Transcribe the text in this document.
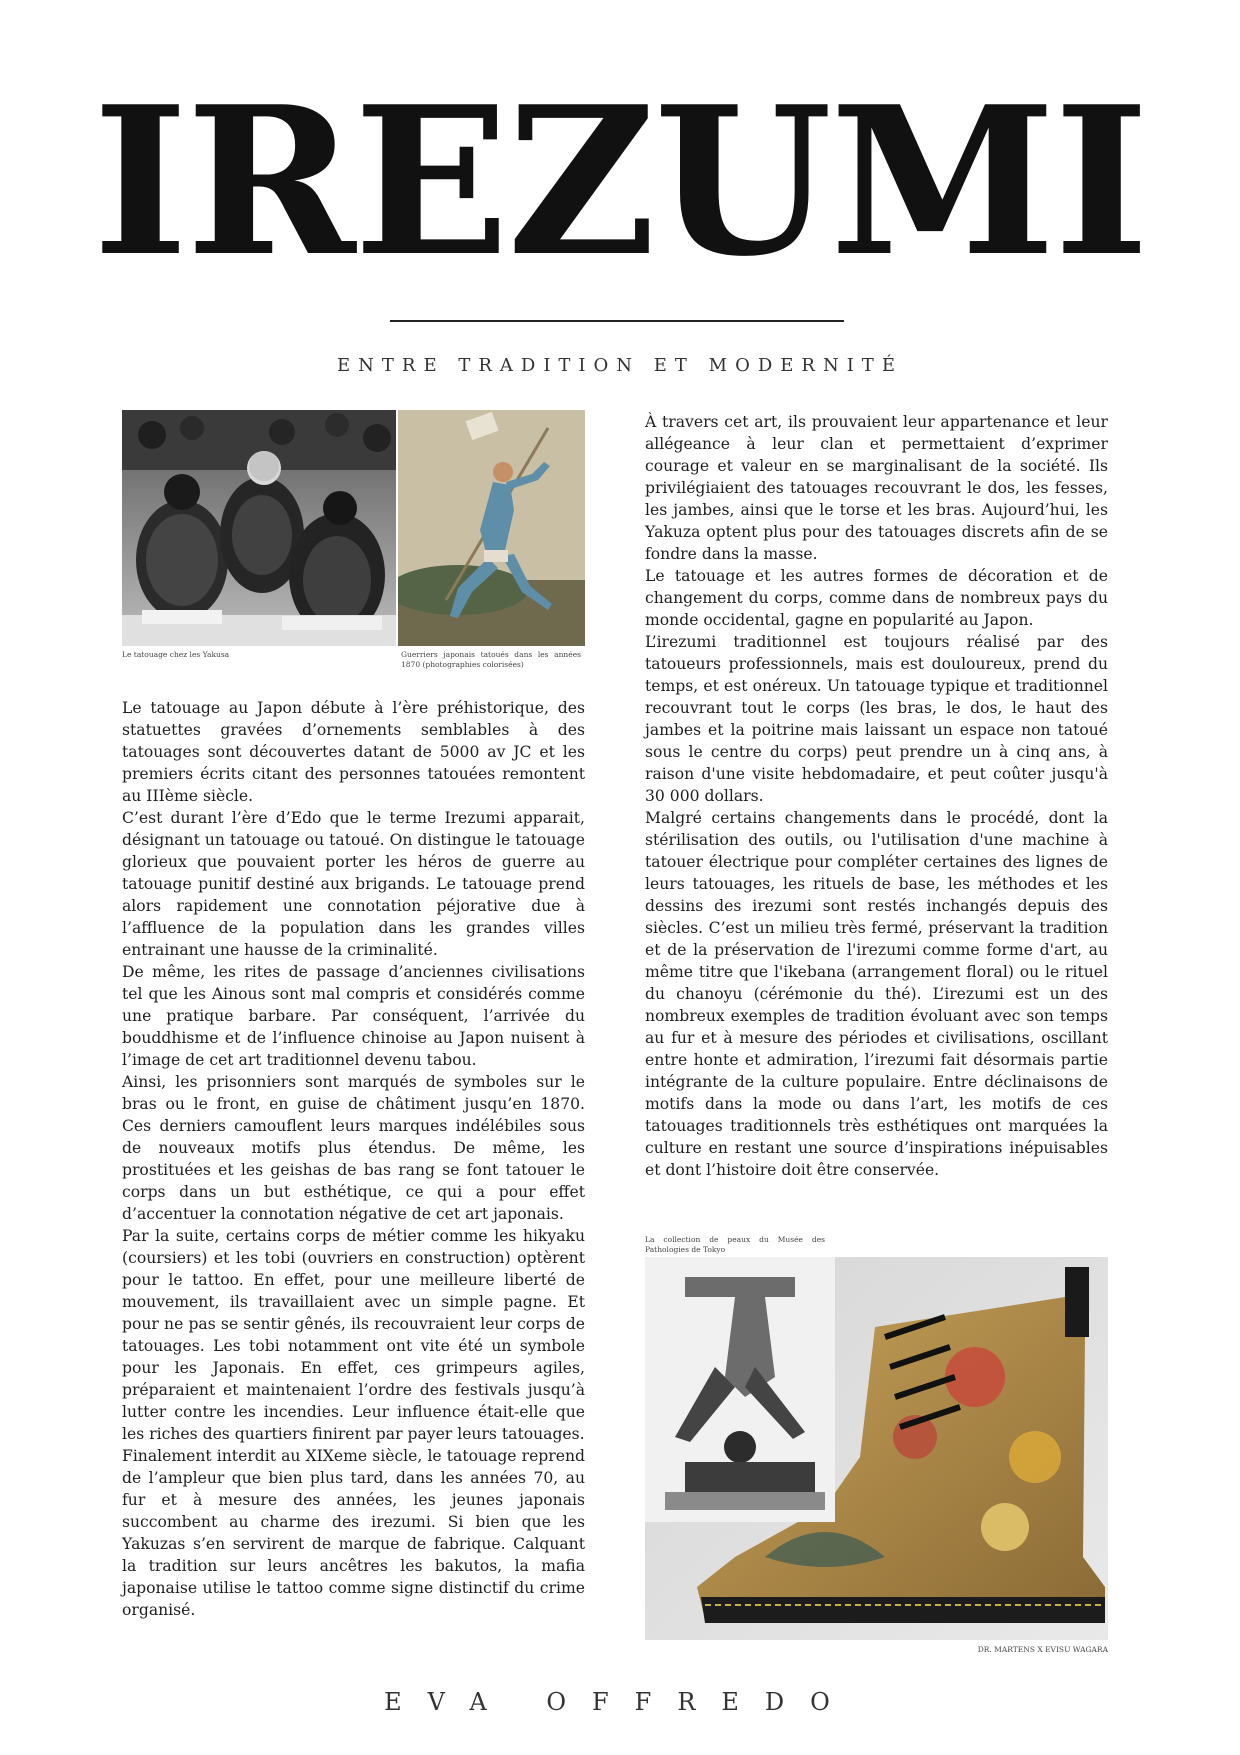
IREZUMI

ENTRE TRADITION ET MODERNITÉ

Le tatouage chez les Yakusa	Guerriers japonais tatoués dans les années 1870 (photographies colorisées)

Le tatouage au Japon débute à l’ère préhistorique, des statuettes gravées d’ornements semblables à des tatouages sont découvertes datant de 5000 av JC et les premiers écrits citant des personnes tatouées remontent au IIIème siècle.

C’est durant l’ère d’Edo que le terme Irezumi apparait, désignant un tatouage ou tatoué. On distingue le tatouage glorieux que pouvaient porter les héros de guerre au tatouage punitif destiné aux brigands. Le tatouage prend alors rapidement une connotation péjorative due à l’affluence de la population dans les grandes villes entrainant une hausse de la criminalité.

De même, les rites de passage d’anciennes civilisations tel que les Ainous sont mal compris et considérés comme une pratique barbare. Par conséquent, l’arrivée du bouddhisme et de l’influence chinoise au Japon nuisent à l’image de cet art traditionnel devenu tabou.

Ainsi, les prisonniers sont marqués de symboles sur le bras ou le front, en guise de châtiment jusqu’en 1870. Ces derniers camouflent leurs marques indélébiles sous de nouveaux motifs plus étendus. De même, les prostituées et les geishas de bas rang se font tatouer le corps dans un but esthétique, ce qui a pour effet d’accentuer la connotation négative de cet art japonais.

Par la suite, certains corps de métier comme les hikyaku (coursiers) et les tobi (ouvriers en construction) optèrent pour le tattoo. En effet, pour une meilleure liberté de mouvement, ils travaillaient avec un simple pagne. Et pour ne pas se sentir gênés, ils recouvraient leur corps de tatouages. Les tobi notamment ont vite été un symbole pour les Japonais. En effet, ces grimpeurs agiles, préparaient et maintenaient l’ordre des festivals jusqu’à lutter contre les incendies. Leur influence était-elle que les riches des quartiers finirent par payer leurs tatouages.

Finalement interdit au XIXeme siècle, le tatouage reprend de l’ampleur que bien plus tard, dans les années 70, au fur et à mesure des années, les jeunes japonais succombent au charme des irezumi. Si bien que les Yakuzas s’en servirent de marque de fabrique. Calquant la tradition sur leurs ancêtres les bakutos, la mafia japonaise utilise le tattoo comme signe distinctif du crime organisé.

À travers cet art, ils prouvaient leur appartenance et leur allégeance à leur clan et permettaient d’exprimer courage et valeur en se marginalisant de la société. Ils privilégiaient des tatouages recouvrant le dos, les fesses, les jambes, ainsi que le torse et les bras. Aujourd’hui, les Yakuza optent plus pour des tatouages discrets afin de se fondre dans la masse.

Le tatouage et les autres formes de décoration et de changement du corps, comme dans de nombreux pays du monde occidental, gagne en popularité au Japon.

L’irezumi traditionnel est toujours réalisé par des tatoueurs professionnels, mais est douloureux, prend du temps, et est onéreux. Un tatouage typique et traditionnel recouvrant tout le corps (les bras, le dos, le haut des jambes et la poitrine mais laissant un espace non tatoué sous le centre du corps) peut prendre un à cinq ans, à raison d'une visite hebdomadaire, et peut coûter jusqu'à 30 000 dollars.

Malgré certains changements dans le procédé, dont la stérilisation des outils, ou l'utilisation d'une machine à tatouer électrique pour compléter certaines des lignes de leurs tatouages, les rituels de base, les méthodes et les dessins des irezumi sont restés inchangés depuis des siècles. C’est un milieu très fermé, préservant la tradition et de la préservation de l'irezumi comme forme d'art, au même titre que l'ikebana (arrangement floral) ou le rituel du chanoyu (cérémonie du thé). L’irezumi est un des nombreux exemples de tradition évoluant avec son temps au fur et à mesure des périodes et civilisations, oscillant entre honte et admiration, l’irezumi fait désormais partie intégrante de la culture populaire. Entre déclinaisons de motifs dans la mode ou dans l’art, les motifs de ces tatouages traditionnels très esthétiques ont marquées la culture en restant une source d’inspirations inépuisables et dont l’histoire doit être conservée.

La collection de peaux du Musée des Pathologies de Tokyo

DR. MARTENS X EVISU WAGARA

EVA OFFREDO
